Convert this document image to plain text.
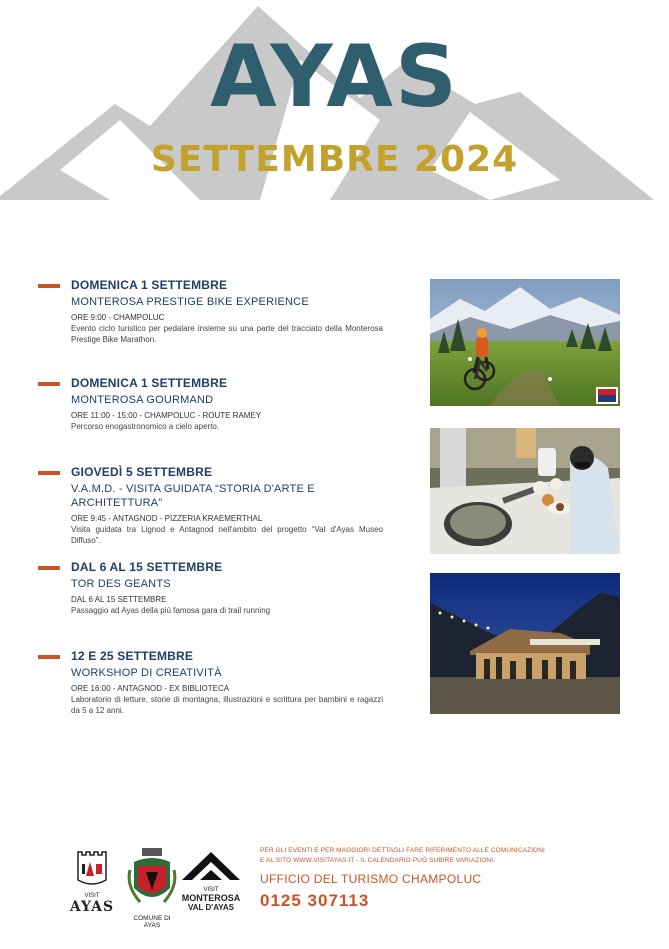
AYAS
SETTEMBRE 2024
DOMENICA 1 SETTEMBRE
MONTEROSA PRESTIGE BIKE EXPERIENCE
ORE 9:00 - CHAMPOLUC
Evento ciclo turistico per pedalare insieme su una parte del tracciato della Monterosa Prestige Bike Marathon.
DOMENICA 1 SETTEMBRE
MONTEROSA GOURMAND
ORE 11:00 - 15:00 - CHAMPOLUC - ROUTE RAMEY
Percorso enogastronomico a cielo aperto.
GIOVEDÌ 5 SETTEMBRE
V.A.M.D. - VISITA GUIDATA “STORIA D'ARTE E ARCHITETTURA”
ORE 9:45 - ANTAGNOD - PIZZERIA KRAEMERTHAL
Visita guidata tra Lignod e Antagnod nell'ambito del progetto “Val d'Ayas Museo Diffuso”.
DAL 6 AL 15 SETTEMBRE
TOR DES GEANTS
DAL 6 AL 15 SETTEMBRE
Passaggio ad Ayas della più famosa gara di trail running
12 E 25 SETTEMBRE
WORKSHOP DI CREATIVITÀ
ORE 16:00 - ANTAGNOD - EX BIBLIOTECA
Laboratorio di letture, storie di montagna, illustrazioni e scrittura per bambini e ragazzi da 5 a 12 anni.
VISIT
AYAS
COMUNE DI AYAS
VISIT
MONTEROSA
VAL D'AYAS
PER GLI EVENTI E PER MAGGIORI DETTAGLI FARE RIFERIMENTO ALLE COMUNICAZIONI
E AL SITO WWW.VISITAYAS.IT - IL CALENDARIO PUÒ SUBIRE VARIAZIONI.
UFFICIO DEL TURISMO CHAMPOLUC
0125 307113
